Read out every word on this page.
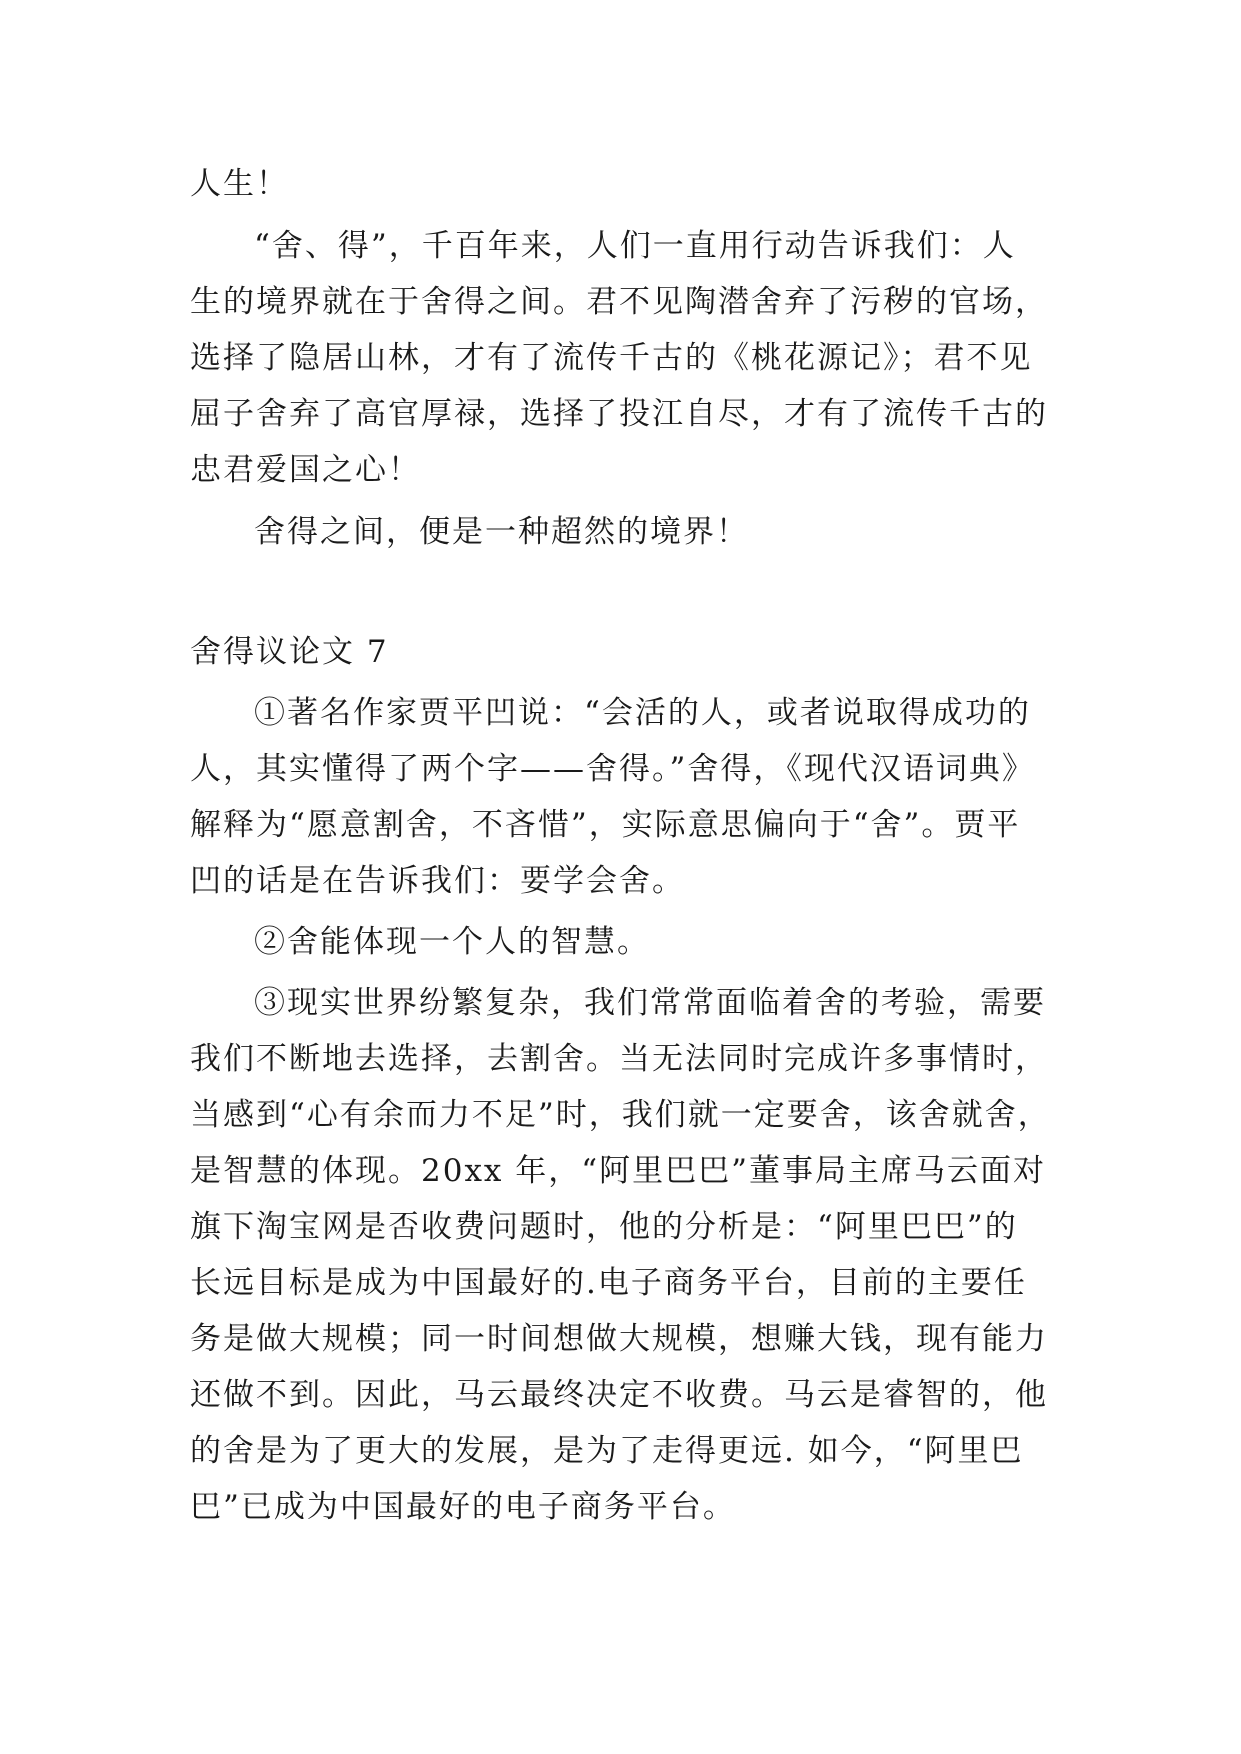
人生！
“舍、得”，千百年来，人们一直用行动告诉我们：人
生的境界就在于舍得之间。君不见陶潜舍弃了污秽的官场，
选择了隐居山林，才有了流传千古的《桃花源记》；君不见
屈子舍弃了高官厚禄，选择了投江自尽，才有了流传千古的
忠君爱国之心！
舍得之间，便是一种超然的境界！
舍得议论文 7
①著名作家贾平凹说：“会活的人，或者说取得成功的
人，其实懂得了两个字——舍得。”舍得，《现代汉语词典》
解释为“愿意割舍，不吝惜”，实际意思偏向于“舍”。贾平
凹的话是在告诉我们：要学会舍。
②舍能体现一个人的智慧。
③现实世界纷繁复杂，我们常常面临着舍的考验，需要
我们不断地去选择，去割舍。当无法同时完成许多事情时，
当感到“心有余而力不足”时，我们就一定要舍，该舍就舍，
是智慧的体现。20xx 年，“阿里巴巴”董事局主席马云面对
旗下淘宝网是否收费问题时，他的分析是：“阿里巴巴”的
长远目标是成为中国最好的.电子商务平台，目前的主要任
务是做大规模；同一时间想做大规模，想赚大钱，现有能力
还做不到。因此，马云最终决定不收费。马云是睿智的，他
的舍是为了更大的发展，是为了走得更远. 如今，“阿里巴
巴”已成为中国最好的电子商务平台。
